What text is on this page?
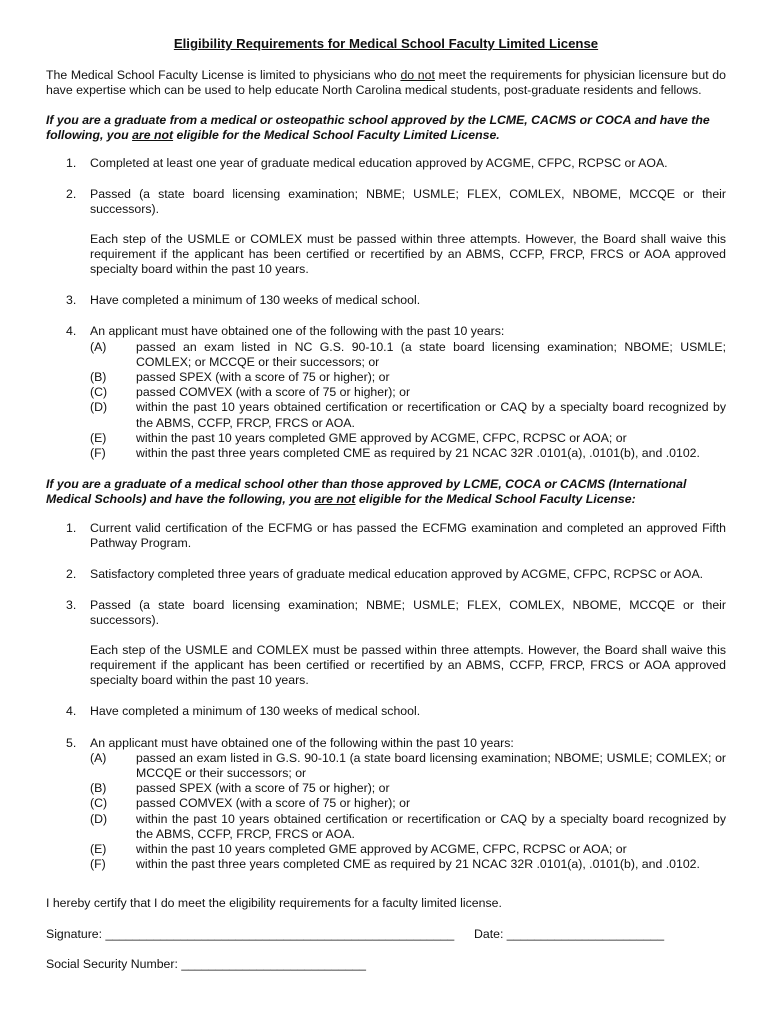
Eligibility Requirements for Medical School Faculty Limited License

The Medical School Faculty License is limited to physicians who do not meet the requirements for physician licensure but do have expertise which can be used to help educate North Carolina medical students, post-graduate residents and fellows.

If you are a graduate from a medical or osteopathic school approved by the LCME, CACMS or COCA and have the following, you are not eligible for the Medical School Faculty Limited License.

1. Completed at least one year of graduate medical education approved by ACGME, CFPC, RCPSC or AOA.
2. Passed (a state board licensing examination; NBME; USMLE; FLEX, COMLEX, NBOME, MCCQE or their successors).
Each step of the USMLE or COMLEX must be passed within three attempts. However, the Board shall waive this requirement if the applicant has been certified or recertified by an ABMS, CCFP, FRCP, FRCS or AOA approved specialty board within the past 10 years.
3. Have completed a minimum of 130 weeks of medical school.
4. An applicant must have obtained one of the following with the past 10 years:
(A) passed an exam listed in NC G.S. 90-10.1 (a state board licensing examination; NBOME; USMLE; COMLEX; or MCCQE or their successors; or
(B) passed SPEX (with a score of 75 or higher); or
(C) passed COMVEX (with a score of 75 or higher); or
(D) within the past 10 years obtained certification or recertification or CAQ by a specialty board recognized by the ABMS, CCFP, FRCP, FRCS or AOA.
(E) within the past 10 years completed GME approved by ACGME, CFPC, RCPSC or AOA; or
(F) within the past three years completed CME as required by 21 NCAC 32R .0101(a), .0101(b), and .0102.

If you are a graduate of a medical school other than those approved by LCME, COCA or CACMS (International Medical Schools) and have the following, you are not eligible for the Medical School Faculty License:

1. Current valid certification of the ECFMG or has passed the ECFMG examination and completed an approved Fifth Pathway Program.
2. Satisfactory completed three years of graduate medical education approved by ACGME, CFPC, RCPSC or AOA.
3. Passed (a state board licensing examination; NBME; USMLE; FLEX, COMLEX, NBOME, MCCQE or their successors).
Each step of the USMLE and COMLEX must be passed within three attempts. However, the Board shall waive this requirement if the applicant has been certified or recertified by an ABMS, CCFP, FRCP, FRCS or AOA approved specialty board within the past 10 years.
4. Have completed a minimum of 130 weeks of medical school.
5. An applicant must have obtained one of the following within the past 10 years:
(A) passed an exam listed in G.S. 90-10.1 (a state board licensing examination; NBOME; USMLE; COMLEX; or MCCQE or their successors; or
(B) passed SPEX (with a score of 75 or higher); or
(C) passed COMVEX (with a score of 75 or higher); or
(D) within the past 10 years obtained certification or recertification or CAQ by a specialty board recognized by the ABMS, CCFP, FRCP, FRCS or AOA.
(E) within the past 10 years completed GME approved by ACGME, CFPC, RCPSC or AOA; or
(F) within the past three years completed CME as required by 21 NCAC 32R .0101(a), .0101(b), and .0102.

I hereby certify that I do meet the eligibility requirements for a faculty limited license.

Signature: ___________________________________________________	Date: _______________________

Social Security Number: ___________________________
